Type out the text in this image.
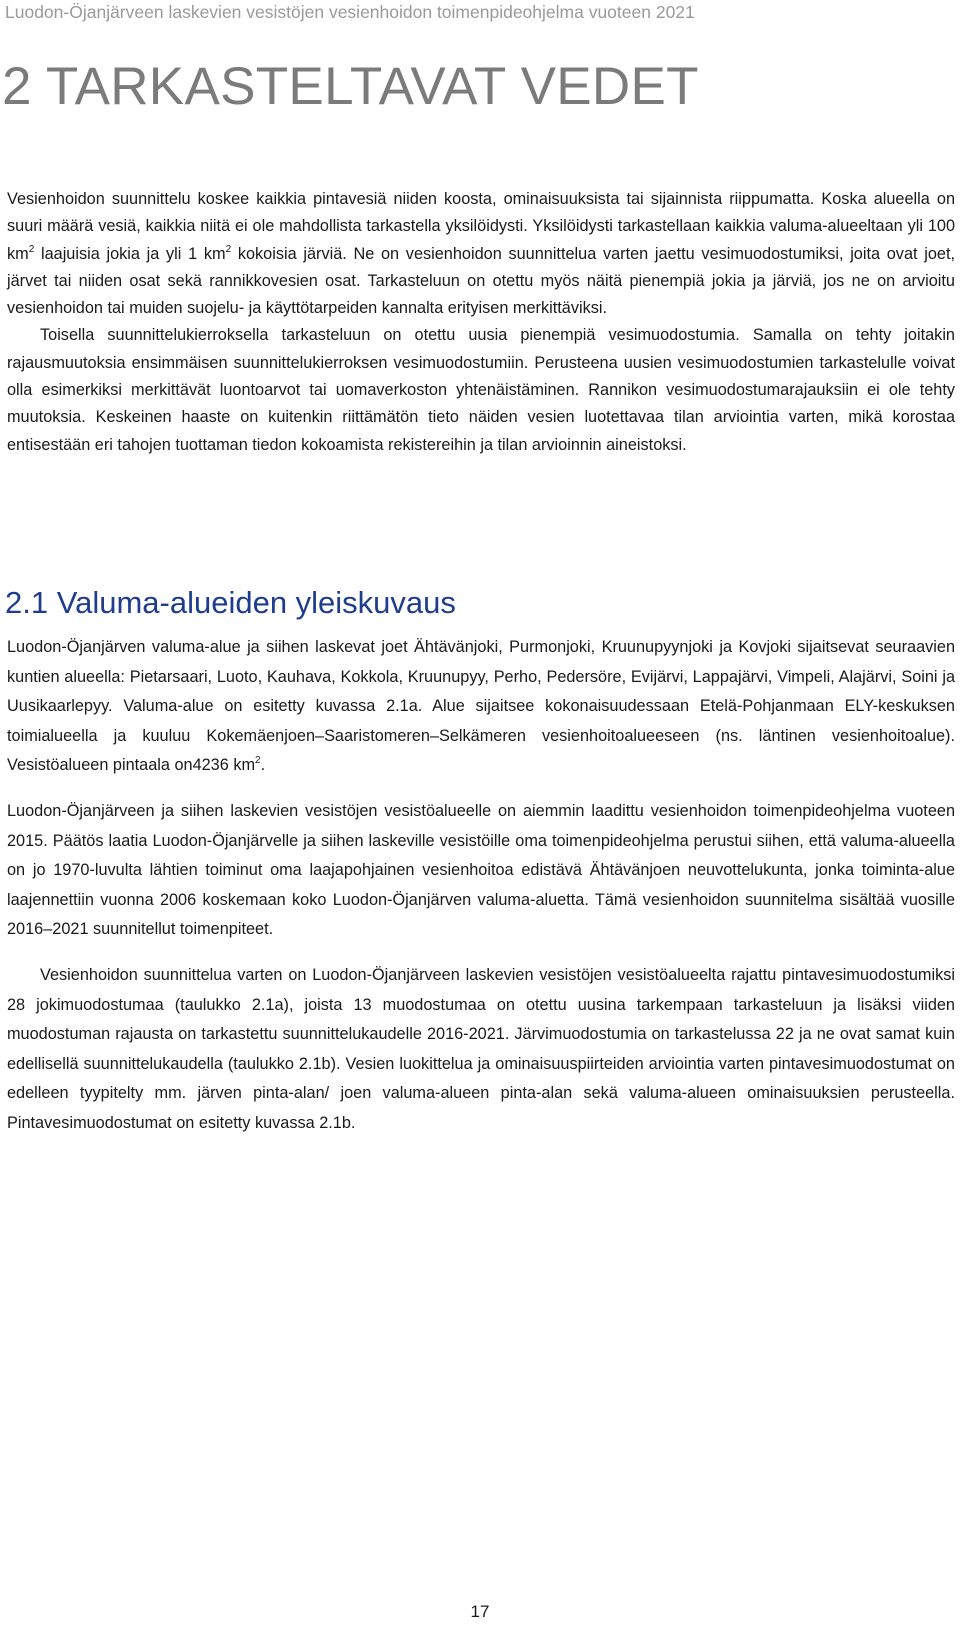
Luodon-Öjanjärveen laskevien vesistöjen vesienhoidon toimenpideohjelma vuoteen 2021
2 TARKASTELTAVAT VEDET

Vesienhoidon suunnittelu koskee kaikkia pintavesiä niiden koosta, ominaisuuksista tai sijainnista riippumatta. Koska alueella on suuri määrä vesiä, kaikkia niitä ei ole mahdollista tarkastella yksilöidysti. Yksilöidysti tarkastellaan kaikkia valuma-alueeltaan yli 100 $km^2$ laajuisia jokia ja yli 1 $km^2$ kokoisia järviä. Ne on vesienhoidon suunnittelua varten jaettu vesimuodostumiksi, joita ovat joet, järvet tai niiden osat sekä rannikkovesien osat. Tarkasteluun on otettu myös näitä pienempiä jokia ja järviä, jos ne on arvioitu vesienhoidon tai muiden suojelu- ja käyttötarpeiden kannalta erityisen merkittäviksi.

Toisella suunnittelukierroksella tarkasteluun on otettu uusia pienempiä vesimuodostumia. Samalla on tehty joitakin rajausmuutoksia ensimmäisen suunnittelukierroksen vesimuodostumiin. Perusteena uusien vesimuodostumien tarkastelulle voivat olla esimerkiksi merkittävät luontoarvot tai uomaverkoston yhtenäistäminen. Rannikon vesimuodostumarajauksiin ei ole tehty muutoksia. Keskeinen haaste on kuitenkin riittämätön tieto näiden vesien luotettavaa tilan arviointia varten, mikä korostaa entisestään eri tahojen tuottaman tiedon kokoamista rekistereihin ja tilan arvioinnin aineistoksi.

2.1 Valuma-alueiden yleiskuvaus

Luodon-Öjanjärven valuma-alue ja siihen laskevat joet Ähtävänjoki, Purmonjoki, Kruunupyynjoki ja Kovjoki sijaitsevat seuraavien kuntien alueella: Pietarsaari, Luoto, Kauhava, Kokkola, Kruunupyy, Perho, Pedersöre, Evijärvi, Lappajärvi, Vimpeli, Alajärvi, Soini ja Uusikaarlepyy. Valuma-alue on esitetty kuvassa 2.1a. Alue sijaitsee kokonaisuudessaan Etelä-Pohjanmaan ELY-keskuksen toimialueella ja kuuluu Kokemäenjoen–Saaristomeren–Selkämeren vesienhoitoalueeseen (ns. läntinen vesienhoitoalue). Vesistöalueen pintaala on4236 $km^2$.

Luodon-Öjanjärveen ja siihen laskevien vesistöjen vesistöalueelle on aiemmin laadittu vesienhoidon toimenpideohjelma vuoteen 2015. Päätös laatia Luodon-Öjanjärvelle ja siihen laskeville vesistöille oma toimenpideohjelma perustui siihen, että valuma-alueella on jo 1970-luvulta lähtien toiminut oma laajapohjainen vesienhoitoa edistävä Ähtävänjoen neuvottelukunta, jonka toiminta-alue laajennettiin vuonna 2006 koskemaan koko Luodon-Öjanjärven valuma-aluetta. Tämä vesienhoidon suunnitelma sisältää vuosille 2016–2021 suunnitellut toimenpiteet.

Vesienhoidon suunnittelua varten on Luodon-Öjanjärveen laskevien vesistöjen vesistöalueelta rajattu pintavesimuodostumiksi 28 jokimuodostumaa (taulukko 2.1a), joista 13 muodostumaa on otettu uusina tarkempaan tarkasteluun ja lisäksi viiden muodostuman rajausta on tarkastettu suunnittelukaudelle 2016-2021. Järvimuodostumia on tarkastelussa 22 ja ne ovat samat kuin edellisellä suunnittelukaudella (taulukko 2.1b). Vesien luokittelua ja ominaisuuspiirteiden arviointia varten pintavesimuodostumat on edelleen tyypitelty mm. järven pinta-alan/ joen valuma-alueen pinta-alan sekä valuma-alueen ominaisuuksien perusteella. Pintavesimuodostumat on esitetty kuvassa 2.1b.

17
